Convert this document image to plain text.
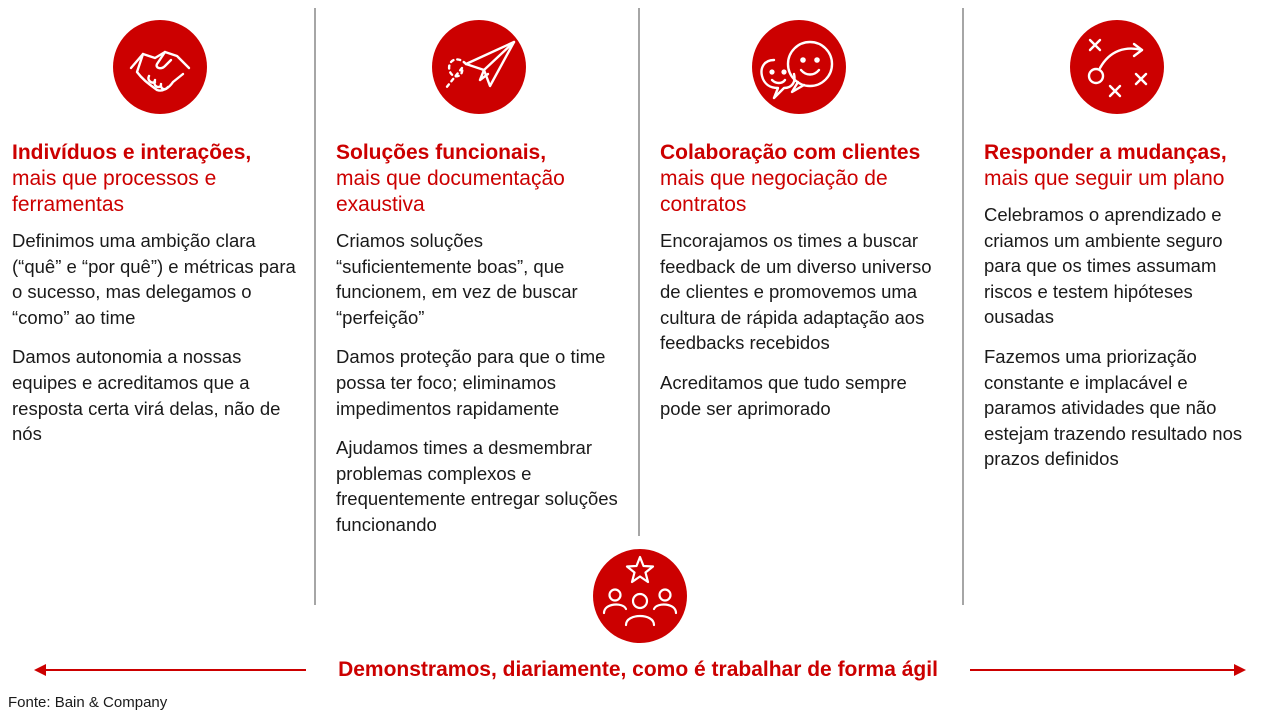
Indivíduos e interações,
mais que processos e ferramentas
Definimos uma ambição clara (“quê” e “por quê”) e métricas para o sucesso, mas delegamos o “como” ao time
Damos autonomia a nossas equipes e acreditamos que a resposta certa virá delas, não de nós
Soluções funcionais,
mais que documentação exaustiva
Criamos soluções “suficientemente boas”, que funcionem, em vez de buscar “perfeição”
Damos proteção para que o time possa ter foco; eliminamos impedimentos rapidamente
Ajudamos times a desmembrar problemas complexos e frequentemente entregar soluções funcionando
Colaboração com clientes
mais que negociação de contratos
Encorajamos os times a buscar feedback de um diverso universo de clientes e promovemos uma cultura de rápida adaptação aos feedbacks recebidos
Acreditamos que tudo sempre pode ser aprimorado
Responder a mudanças,
mais que seguir um plano
Celebramos o aprendizado e criamos um ambiente seguro para que os times assumam riscos e testem hipóteses ousadas
Fazemos uma priorização constante e implacável e paramos atividades que não estejam trazendo resultado nos prazos definidos
Demonstramos, diariamente, como é trabalhar de forma ágil
Fonte: Bain & Company
